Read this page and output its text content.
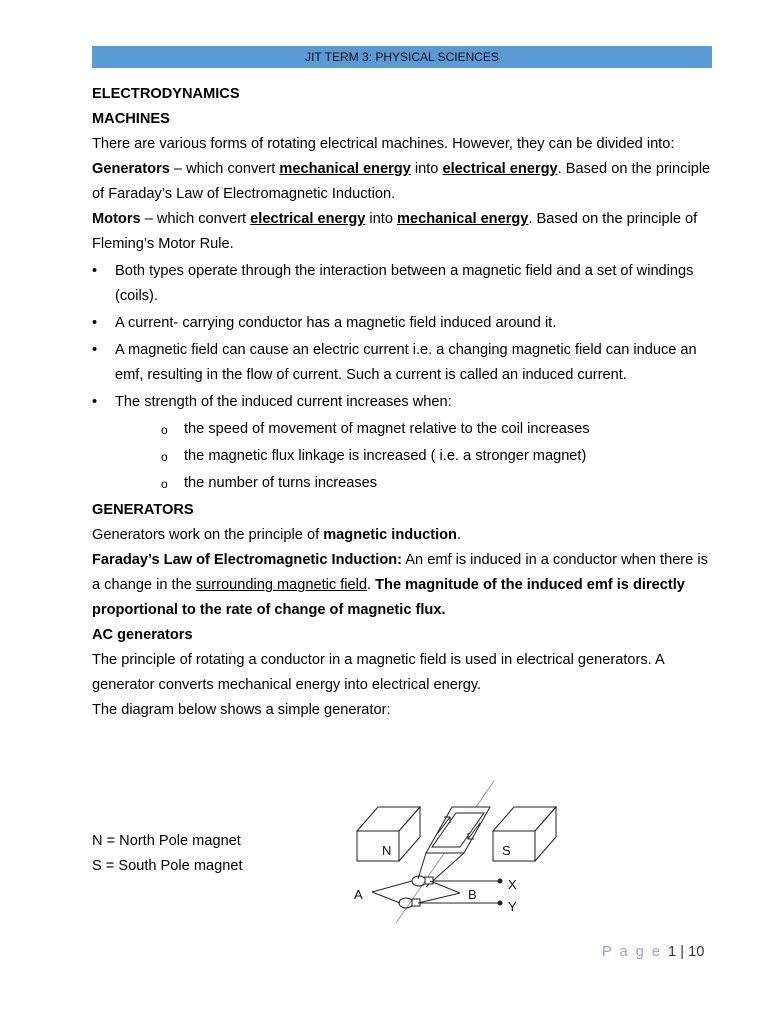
JIT TERM 3: PHYSICAL SCIENCES

ELECTRODYNAMICS

MACHINES

There are various forms of rotating electrical machines. However, they can be divided into:

Generators – which convert mechanical energy into electrical energy. Based on the principle of Faraday’s Law of Electromagnetic Induction.

Motors – which convert electrical energy into mechanical energy. Based on the principle of Fleming’s Motor Rule.

• Both types operate through the interaction between a magnetic field and a set of windings (coils).
• A current- carrying conductor has a magnetic field induced around it.
• A magnetic field can cause an electric current i.e. a changing magnetic field can induce an emf, resulting in the flow of current. Such a current is called an induced current.
• The strength of the induced current increases when:
o the speed of movement of magnet relative to the coil increases
o the magnetic flux linkage is increased ( i.e. a stronger magnet)
o the number of turns increases

GENERATORS

Generators work on the principle of magnetic induction.

Faraday’s Law of Electromagnetic Induction: An emf is induced in a conductor when there is a change in the surrounding magnetic field. The magnitude of the induced emf is directly proportional to the rate of change of magnetic flux.

AC generators

The principle of rotating a conductor in a magnetic field is used in electrical generators. A generator converts mechanical energy into electrical energy.

The diagram below shows a simple generator:

N = North Pole magnet

S = South Pole magnet

N	S
A	B
X
Y
P a g e 1 | 10
